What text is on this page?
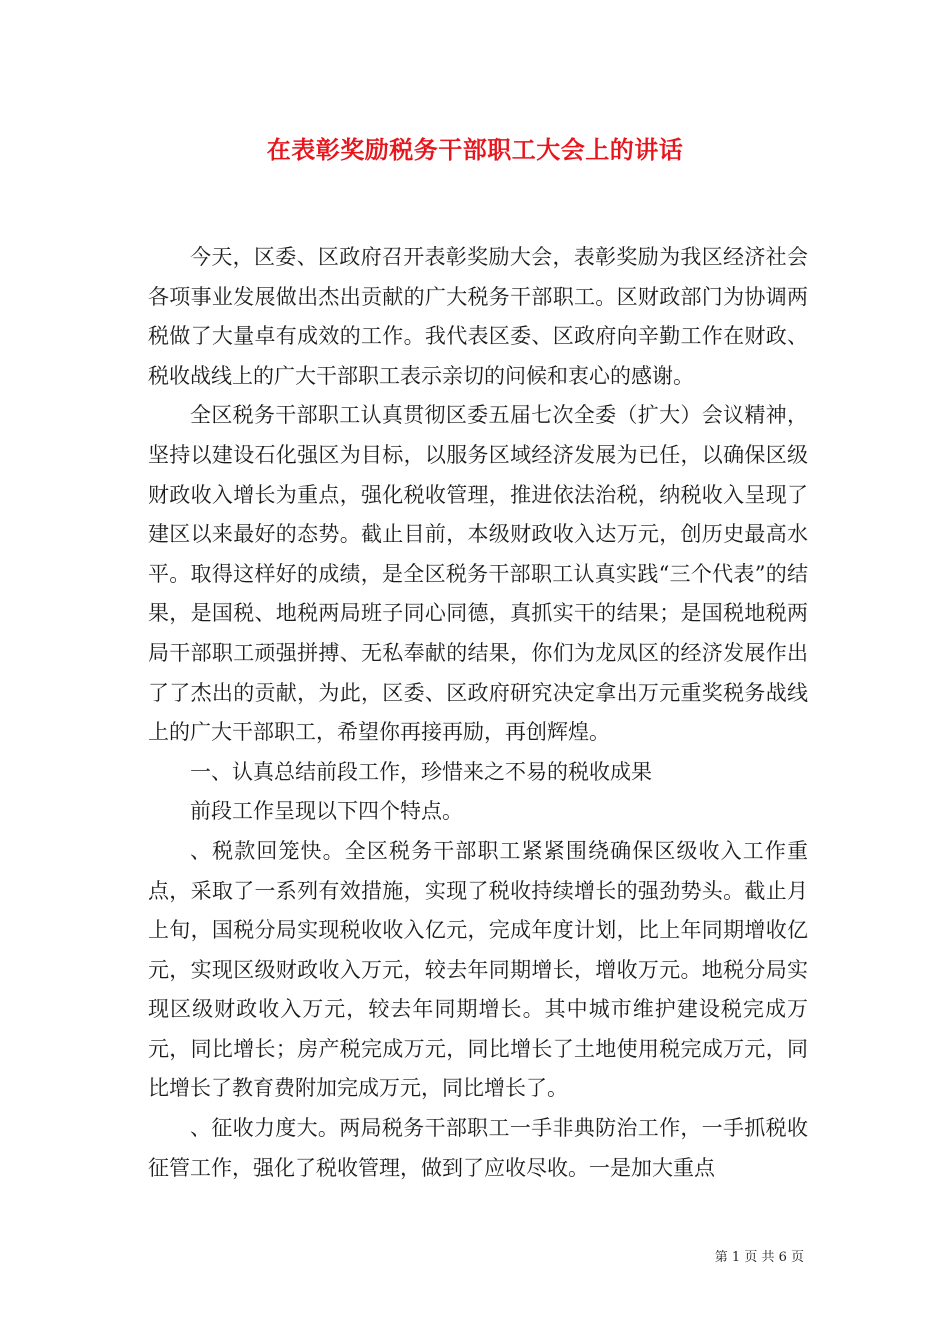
在表彰奖励税务干部职工大会上的讲话

今天，区委、区政府召开表彰奖励大会，表彰奖励为我区经济社会各项事业发展做出杰出贡献的广大税务干部职工。区财政部门为协调两税做了大量卓有成效的工作。我代表区委、区政府向辛勤工作在财政、税收战线上的广大干部职工表示亲切的问候和衷心的感谢。

全区税务干部职工认真贯彻区委五届七次全委（扩大）会议精神，坚持以建设石化强区为目标，以服务区域经济发展为已任，以确保区级财政收入增长为重点，强化税收管理，推进依法治税，纳税收入呈现了建区以来最好的态势。截止目前，本级财政收入达万元，创历史最高水平。取得这样好的成绩，是全区税务干部职工认真实践“三个代表”的结果，是国税、地税两局班子同心同德，真抓实干的结果；是国税地税两局干部职工顽强拼搏、无私奉献的结果，你们为龙凤区的经济发展作出了了杰出的贡献，为此，区委、区政府研究决定拿出万元重奖税务战线上的广大干部职工，希望你再接再励，再创辉煌。

一、认真总结前段工作，珍惜来之不易的税收成果

前段工作呈现以下四个特点。

、税款回笼快。全区税务干部职工紧紧围绕确保区级收入工作重点，采取了一系列有效措施，实现了税收持续增长的强劲势头。截止月上旬，国税分局实现税收收入亿元，完成年度计划，比上年同期增收亿元，实现区级财政收入万元，较去年同期增长，增收万元。地税分局实现区级财政收入万元，较去年同期增长。其中城市维护建设税完成万元，同比增长；房产税完成万元，同比增长了土地使用税完成万元，同比增长了教育费附加完成万元，同比增长了。

、征收力度大。两局税务干部职工一手非典防治工作，一手抓税收征管工作，强化了税收管理，做到了应收尽收。一是加大重点

第 1 页 共 6 页
